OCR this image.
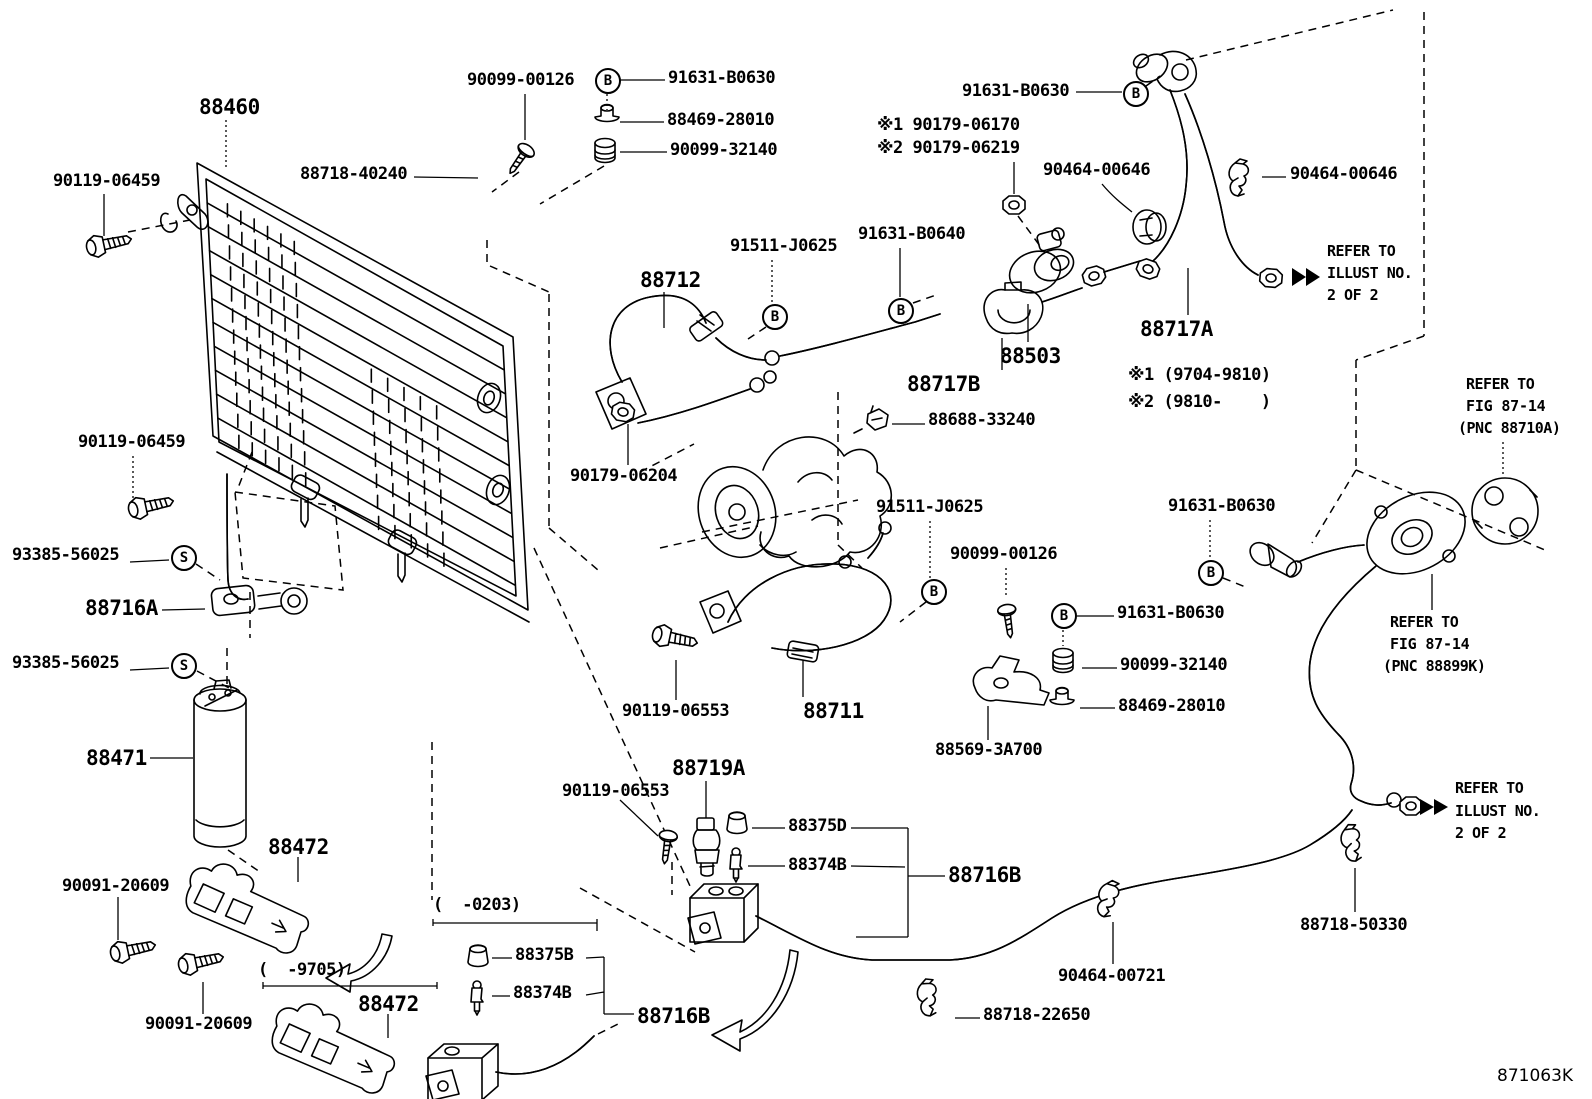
90099-00126	91631-B0630
88469-28010
90099-32140
88460
90119-06459	88718-40240
91631-B0630
※1 90179-06170
※2 90179-06219
90464-00646	90464-00646
REFER TO
ILLUST NO.
2 OF 2
91511-J0625
91631-B0640
88712
88717A
88503
88717B	※1 (9704-9810)
※2 (9810-    )
88688-33240
REFER TO
FIG 87-14
(PNC 88710A)
90179-06204
91511-J0625	91631-B0630
90119-06459
93385-56025
88716A
93385-56025
88471
90099-00126
91631-B0630
90099-32140
88469-28010
REFER TO
FIG 87-14
(PNC 88899K)
90119-06553	88711
88569-3A700
88719A
90119-06553
88375D
88374B	88716B
(  -0203)
88375B
88374B
88716B
88472
90091-20609
(  -9705)
88472
90091-20609	88718-22650
90464-00721
88718-50330
REFER TO
ILLUST NO.
2 OF 2
871063K
B
B
B	B
B
B
B
S
S
